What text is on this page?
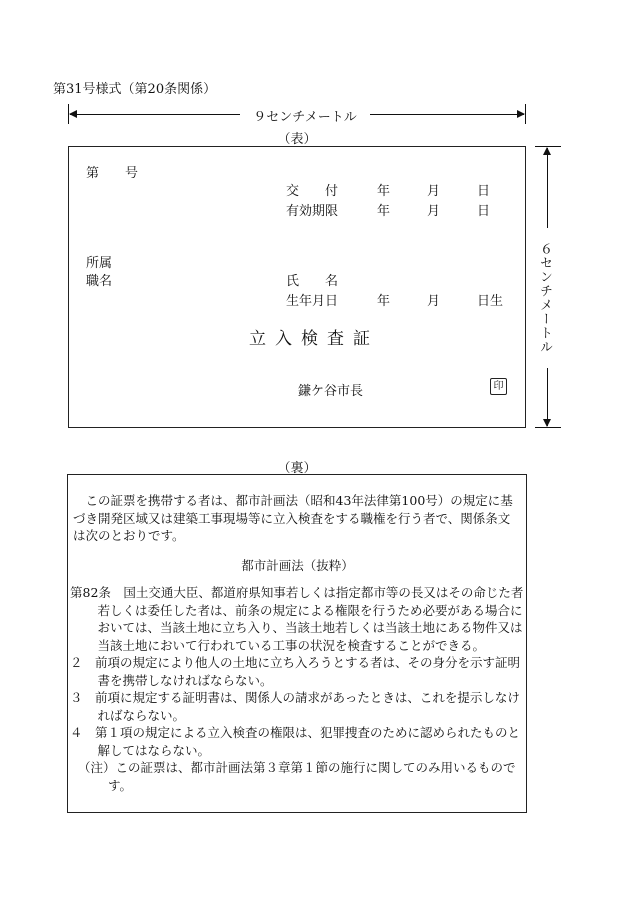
第31号様式（第20条関係）
９センチメートル
６センチメートル
（表）
第　　号
交　　付	年	月	日
有効期限	年	月	日
所属
職名	氏　　名
生年月日	年	月	日生
立入検査証
鎌ケ谷市長	印
（裏）

この証票を携帯する者は、都市計画法（昭和43年法律第100号）の規定に基づき開発区域又は建築工事現場等に立入検査をする職権を行う者で、関係条文は次のとおりです。

都市計画法（抜粋）

第82条　国土交通大臣、都道府県知事若しくは指定都市等の長又はその命じた者若しくは委任した者は、前条の規定による権限を行うため必要がある場合においては、当該土地に立ち入り、当該土地若しくは当該土地にある物件又は当該土地において行われている工事の状況を検査することができる。

２　前項の規定により他人の土地に立ち入ろうとする者は、その身分を示す証明書を携帯しなければならない。

３　前項に規定する証明書は、関係人の請求があったときは、これを提示しなければならない。

４　第１項の規定による立入検査の権限は、犯罪捜査のために認められたものと解してはならない。

（注）この証票は、都市計画法第３章第１節の施行に関してのみ用いるものです。
